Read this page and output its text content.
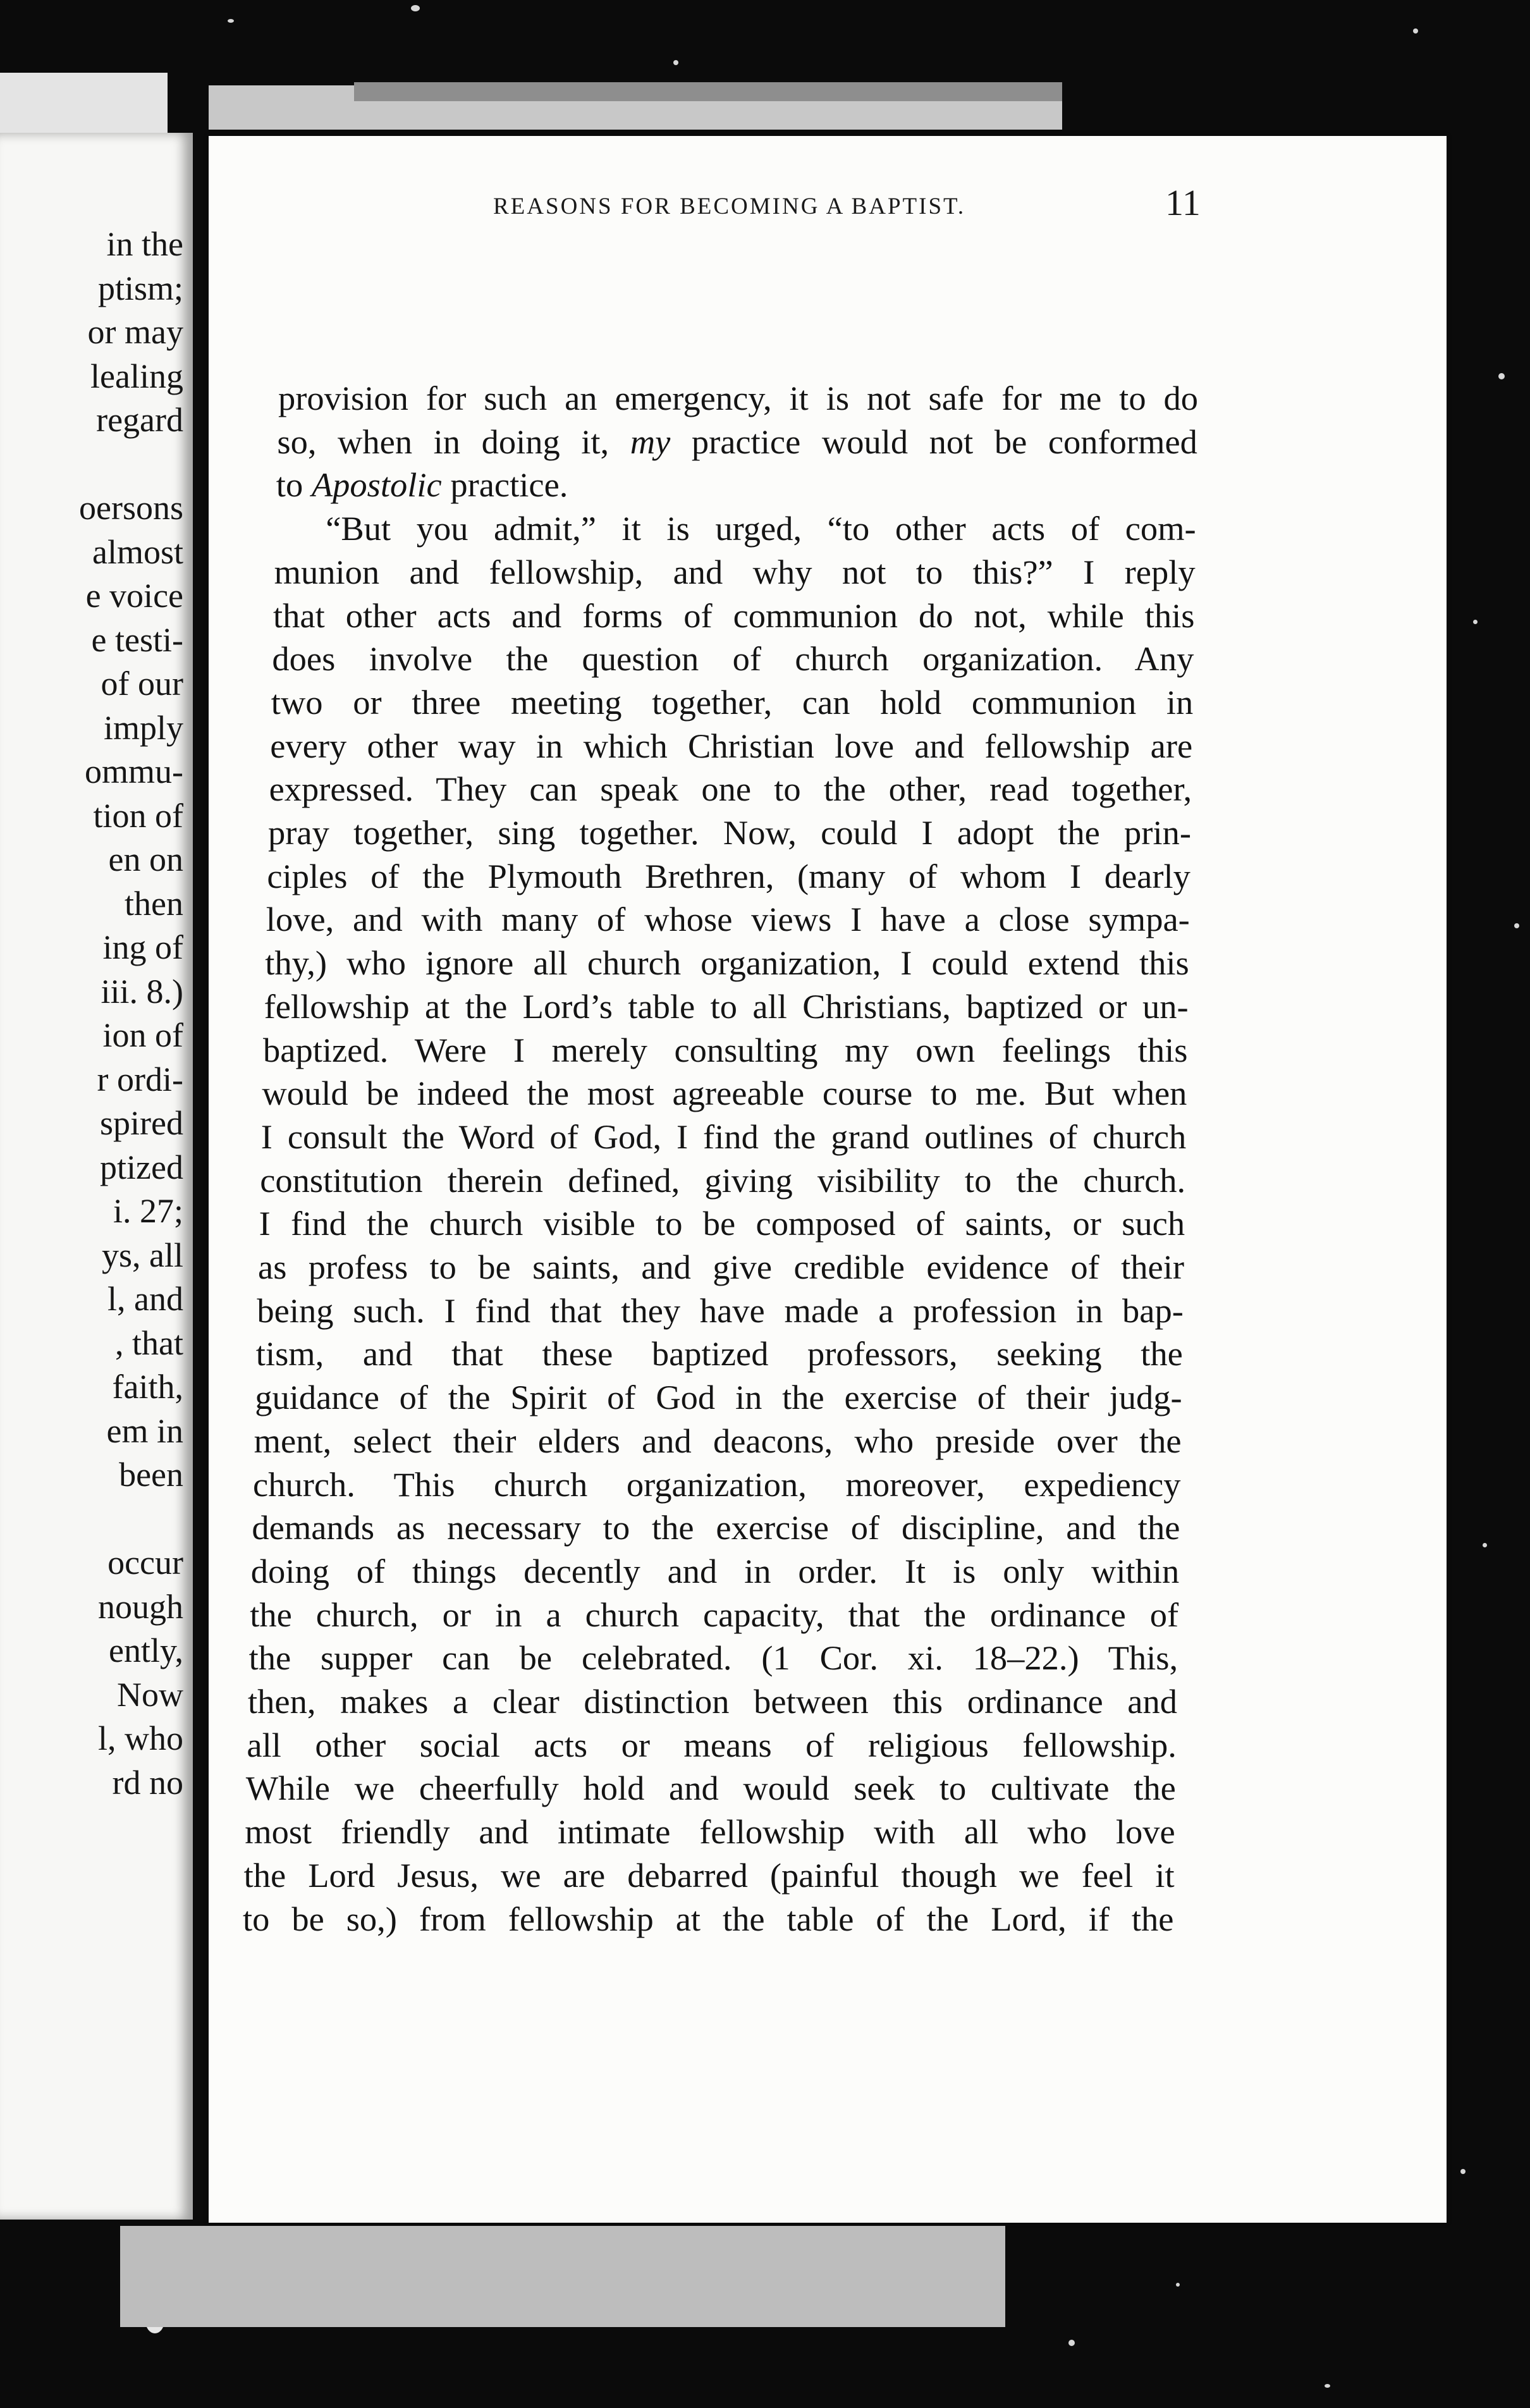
in the
ptism;
or may
lealing
regard
oersons
almost
e voice
e testi-
of our
imply
ommu-
tion of
en on
then
ing of
iii. 8.)
ion of
r ordi-
spired
ptized
i. 27;
ys, all
l, and
, that
faith,
em in
been
occur
nough
ently,
Now
l, who
rd no
REASONS FOR BECOMING A BAPTIST.	11
provision for such an emergency, it is not safe for me to do
so, when in doing it, my practice would not be conformed
to Apostolic practice.
“But you admit,” it is urged, “to other acts of com-
munion and fellowship, and why not to this?” I reply
that other acts and forms of communion do not, while this
does involve the question of church organization. Any
two or three meeting together, can hold communion in
every other way in which Christian love and fellowship are
expressed. They can speak one to the other, read together,
pray together, sing together. Now, could I adopt the prin-
ciples of the Plymouth Brethren, (many of whom I dearly
love, and with many of whose views I have a close sympa-
thy,) who ignore all church organization, I could extend this
fellowship at the Lord’s table to all Christians, baptized or un-
baptized. Were I merely consulting my own feelings this
would be indeed the most agreeable course to me. But when
I consult the Word of God, I find the grand outlines of church
constitution therein defined, giving visibility to the church.
I find the church visible to be composed of saints, or such
as profess to be saints, and give credible evidence of their
being such. I find that they have made a profession in bap-
tism, and that these baptized professors, seeking the
guidance of the Spirit of God in the exercise of their judg-
ment, select their elders and deacons, who preside over the
church. This church organization, moreover, expediency
demands as necessary to the exercise of discipline, and the
doing of things decently and in order. It is only within
the church, or in a church capacity, that the ordinance of
the supper can be celebrated. (1 Cor. xi. 18–22.) This,
then, makes a clear distinction between this ordinance and
all other social acts or means of religious fellowship.
While we cheerfully hold and would seek to cultivate the
most friendly and intimate fellowship with all who love
the Lord Jesus, we are debarred (painful though we feel it
to be so,) from fellowship at the table of the Lord, if the
